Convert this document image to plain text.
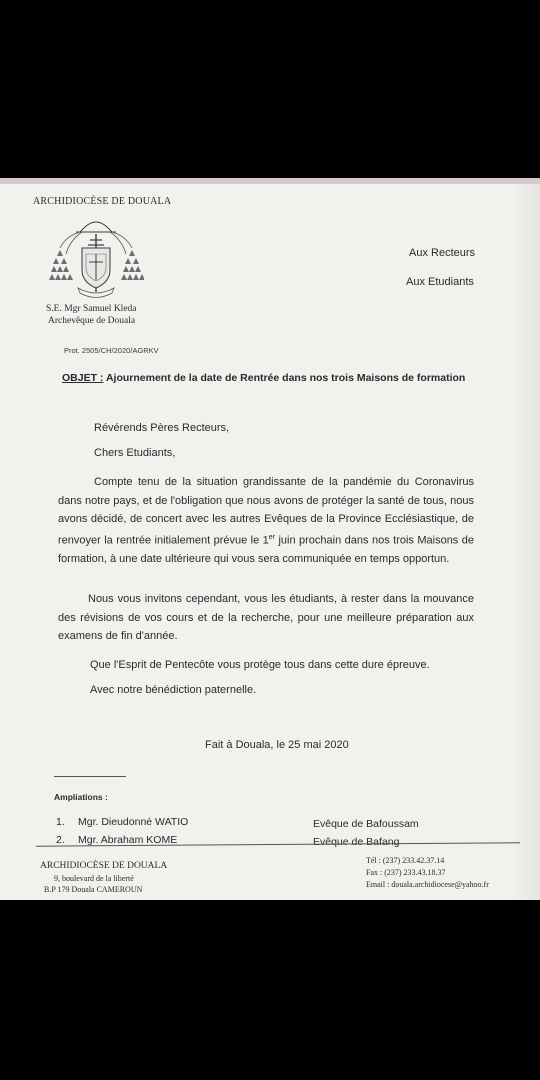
ARCHIDIOCÈSE DE DOUALA
S.E. Mgr Samuel Kleda
Archevêque de Douala
Aux Recteurs
Aux Etudiants
Prot. 2505/CH/2020/AGRKV
OBJET : Ajournement de la date de Rentrée dans nos trois Maisons de formation
Révérends Pères Recteurs,
Chers Etudiants,

Compte tenu de la situation grandissante de la pandémie du Coronavirus dans notre pays, et de l'obligation que nous avons de protéger la santé de tous, nous avons décidé, de concert avec les autres Evêques de la Province Ecclésiastique, de renvoyer la rentrée initialement prévue le 1er juin prochain dans nos trois Maisons de formation, à une date ultérieure qui vous sera communiquée en temps opportun.

Nous vous invitons cependant, vous les étudiants, à rester dans la mouvance des révisions de vos cours et de la recherche, pour une meilleure préparation aux examens de fin d'année.

Que l'Esprit de Pentecôte vous protège tous dans cette dure épreuve.
Avec notre bénédiction paternelle.
Fait à Douala, le 25 mai 2020
Ampliations :
1. Mgr. Dieudonné WATIO	Evêque de Bafoussam
2. Mgr. Abraham KOME	Evêque de Bafang
ARCHIDIOCÈSE DE DOUALA
9, boulevard de la liberté
B.P 179 Douala CAMEROUN
Tél : (237) 233.42.37.14
Fax : (237) 233.43.18.37
Email : douala.archidiocese@yahoo.fr
